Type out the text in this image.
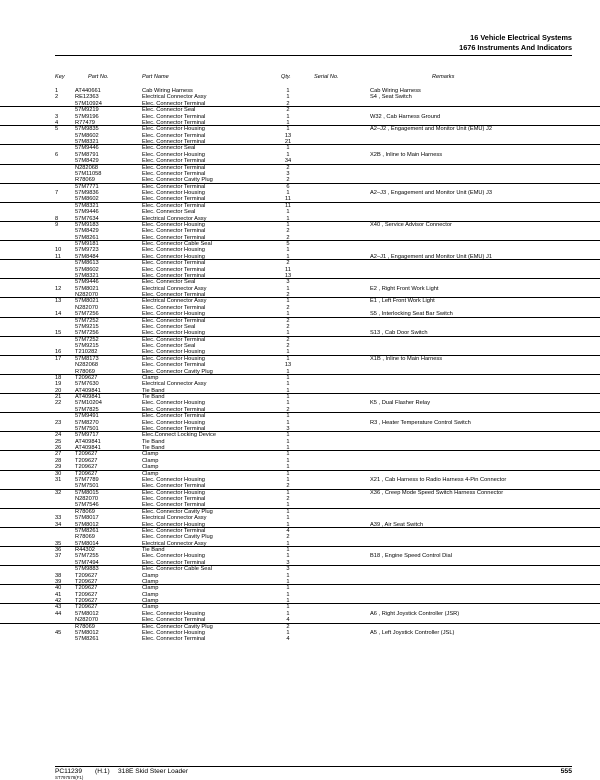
16 Vehicle Electrical Systems
1676 Instruments And Indicators
Key	Part No.	Part Name	Qty.	Serial No.	Remarks
1	AT440661	Cab Wiring Harness	1	Cab Wiring Harness
2	RE12363	Electrical Connector Assy	1	S4 , Seat Switch
57M10924	Elec. Connector Terminal	2
57M9219	Elec. Connector Seal	2
3	57M9196	Elec. Connector Terminal	1	W32 , Cab Harness Ground
4	R77479	Elec. Connector Terminal	1
5	57M9835	Elec. Connector Housing	1	A2–J2 , Engagement and Monitor Unit (EMU) J2
57M8602	Elec. Connector Terminal	13
57M8321	Elec. Connector Terminal	21
57M9446	Elec. Connector Seal	1
6	57M8791	Elec. Connector Housing	1	X2B , Inline to Main Harness
57M8429	Elec. Connector Terminal	34
N282068	Elec. Connector Terminal	2
57M11058	Elec. Connector Terminal	3
R78069	Elec. Connector Cavity Plug	2
57M7771	Elec. Connector Terminal	6
7	57M9836	Elec. Connector Housing	1	A2–J3 , Engagement and Monitor Unit (EMU) J3
57M8602	Elec. Connector Terminal	11
57M8321	Elec. Connector Terminal	11
57M9446	Elec. Connector Seal	1
8	57M7634	Electrical Connector Assy	1
9	57M9183	Elec. Connector Housing	1	X40 , Service Advisor Connector
57M8429	Elec. Connector Terminal	2
57M8261	Elec. Connector Terminal	2
57M9181	Elec. Connector Cable Seal	5
10 57M9723	Elec. Connector Housing	1
11 57M8484	Elec. Connector Housing	1	A2–J1 , Engagement and Monitor Unit (EMU) J1
57M8613	Elec. Connector Terminal	2
57M8602	Elec. Connector Terminal	11
57M8321	Elec. Connector Terminal	13
57M9446	Elec. Connector Seal	3
12 57M8021	Electrical Connector Assy	1	E2 , Right Front Work Light
N282070	Elec. Connector Terminal	2
13 57M8021	Electrical Connector Assy	1	E1 , Left Front Work Light
N282070	Elec. Connector Terminal	2
14 57M7256	Elec. Connector Housing	1	S5 , Interlocking Seat Bar Switch
57M7252	Elec. Connector Terminal	2
57M9215	Elec. Connector Seal	2
15 57M7256	Elec. Connector Housing	1	S13 , Cab Door Switch
57M7252	Elec. Connector Terminal	2
57M9215	Elec. Connector Seal	2
16 T210282	Elec. Connector Housing	1
17 57M8173	Elec. Connector Housing	1	X1B , Inline to Main Harness
N282068	Elec. Connector Terminal	13
R78069	Elec. Connector Cavity Plug	1
18 T209627	Clamp	1
19 57M7630	Electrical Connector Assy	1
20 AT409841	Tie Band	1
21 AT409841	Tie Band	1
22 57M10204	Elec. Connector Housing	1	K5 , Dual Flasher Relay
57M7825	Elec. Connector Terminal	2
57M9491	Elec. Connector Terminal	1
23 57M8270	Elec. Connector Housing	1	R3 , Heater Temperature Control Switch
57M7501	Elec. Connector Terminal	3
24 57M9717	Elec.Connect Locking Device	1
25 AT409841	Tie Band	1
26 AT409841	Tie Band	1
27 T209627	Clamp	1
28 T209627	Clamp	1
29 T209627	Clamp	1
30 T209627	Clamp	1
31 57M7789	Elec. Connector Housing	1	X21 , Cab Harness to Radio Harness 4-Pin Connector
57M7501	Elec. Connector Terminal	2
32 57M8015	Elec. Connector Housing	1	X36 , Creep Mode Speed Switch Harness Connector
N282070	Elec. Connector Terminal	2
57M7546	Elec. Connector Terminal	1
R78069	Elec. Connector Cavity Plug	1
33 57M8017	Electrical Connector Assy	1
34 57M8012	Elec. Connector Housing	1	A39 , Air Seat Switch
57M8261	Elec. Connector Terminal	4
R78069	Elec. Connector Cavity Plug	2
35 57M8014	Electrical Connector Assy	1
36 R44302	Tie Band	1
37 57M7255	Elec. Connector Housing	1	B18 , Engine Speed Control Dial
57M7494	Elec. Connector Terminal	3
57M9883	Elec. Connector Cable Seal	3
38 T209627	Clamp	1
39 T209627	Clamp	1
40 T209627	Clamp	1
41 T209627	Clamp	1
42 T209627	Clamp	1
43 T209627	Clamp	1
44 57M8012	Elec. Connector Housing	1	A6 , Right Joystick Controller (JSR)
N282070	Elec. Connector Terminal	4
R78069	Elec. Connector Cavity Plug	2
45 57M8012	Elec. Connector Housing	1	A5 , Left Joystick Controller (JSL)
57M8261	Elec. Connector Terminal	4
PC11239 (H.1) 318E Skid Steer Loader
ST797578(F1)
555
